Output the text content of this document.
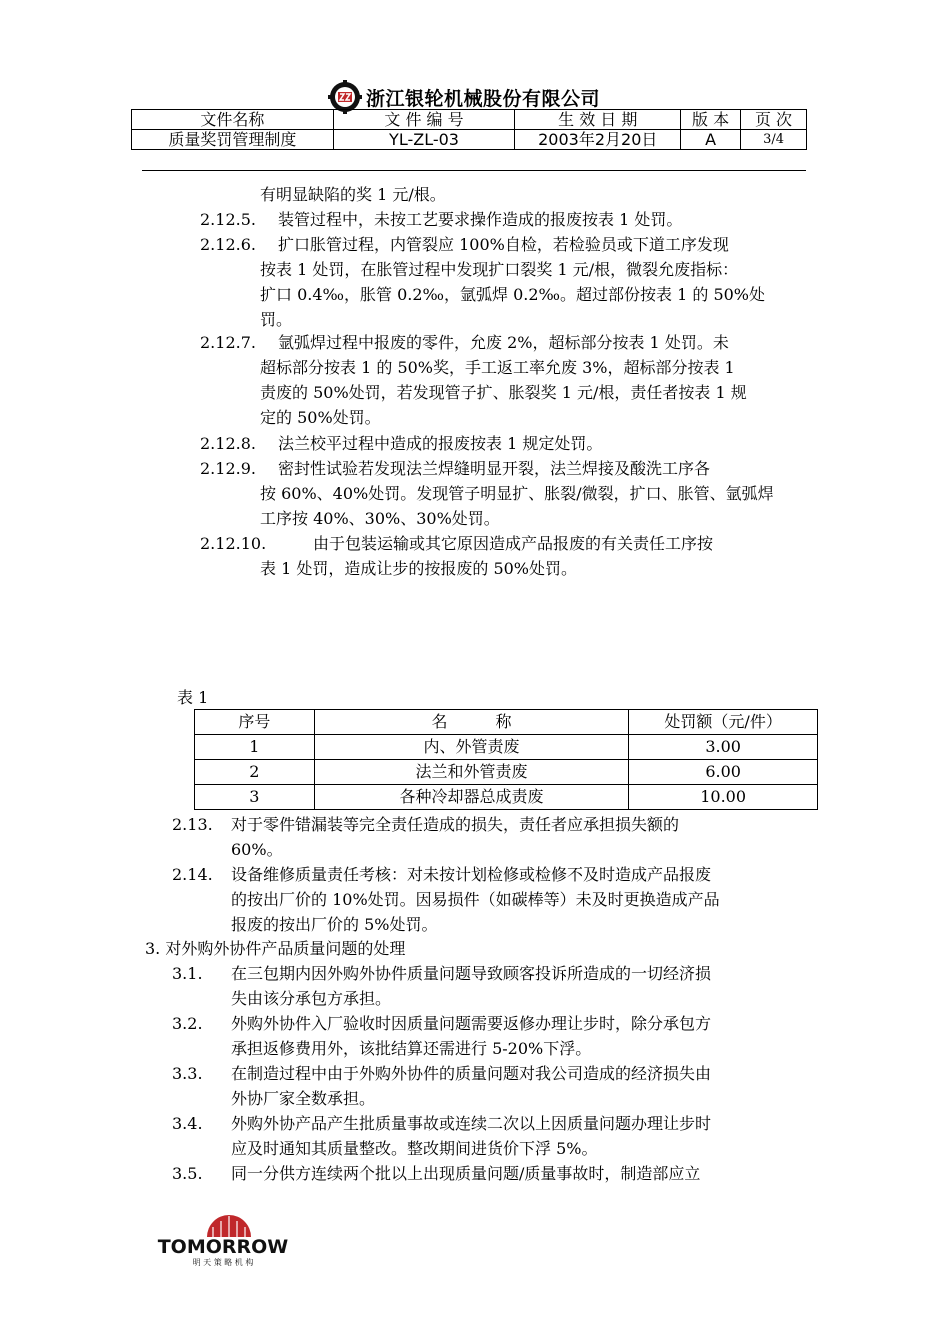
浙江银轮机械股份有限公司
文件名称	文 件 编 号	生 效 日 期	版 本	页 次
质量奖罚管理制度	YL-ZL-03	2003年2月20日	A	3/4
有明显缺陷的奖 1 元/根。
2.12.5. 装管过程中，未按工艺要求操作造成的报废按表 1 处罚。
2.12.6. 扩口胀管过程，内管裂应 100%自检，若检验员或下道工序发现
按表 1 处罚，在胀管过程中发现扩口裂奖 1 元/根，微裂允废指标：
扩口 0.4‰，胀管 0.2‰，氩弧焊 0.2‰。超过部份按表 1 的 50%处
罚。
2.12.7. 氩弧焊过程中报废的零件，允废 2%，超标部分按表 1 处罚。未
超标部分按表 1 的 50%奖，手工返工率允废 3%，超标部分按表 1
责废的 50%处罚，若发现管子扩、胀裂奖 1 元/根，责任者按表 1 规
定的 50%处罚。
2.12.8. 法兰校平过程中造成的报废按表 1 规定处罚。
2.12.9. 密封性试验若发现法兰焊缝明显开裂，法兰焊接及酸洗工序各
按 60%、40%处罚。发现管子明显扩、胀裂/微裂，扩口、胀管、氩弧焊
工序按 40%、30%、30%处罚。
2.12.10.	由于包装运输或其它原因造成产品报废的有关责任工序按
表 1 处罚，造成让步的按报废的 50%处罚。
表 1
序号	名　　　称	处罚额（元/件）
1	内、外管责废	3.00
2	法兰和外管责废	6.00
3	各种冷却器总成责废	10.00
2.13. 对于零件错漏装等完全责任造成的损失，责任者应承担损失额的
60%。
2.14. 设备维修质量责任考核：对未按计划检修或检修不及时造成产品报废
的按出厂价的 10%处罚。因易损件（如碳棒等）未及时更换造成产品
报废的按出厂价的 5%处罚。
3. 对外购外协件产品质量问题的处理
3.1. 在三包期内因外购外协件质量问题导致顾客投诉所造成的一切经济损
失由该分承包方承担。
3.2. 外购外协件入厂验收时因质量问题需要返修办理让步时，除分承包方
承担返修费用外，该批结算还需进行 5-20%下浮。
3.3. 在制造过程中由于外购外协件的质量问题对我公司造成的经济损失由
外协厂家全数承担。
3.4. 外购外协产品产生批质量事故或连续二次以上因质量问题办理让步时
应及时通知其质量整改。整改期间进货价下浮 5%。
3.5. 同一分供方连续两个批以上出现质量问题/质量事故时，制造部应立
TOMORROW
明 天 策 略 机 构
